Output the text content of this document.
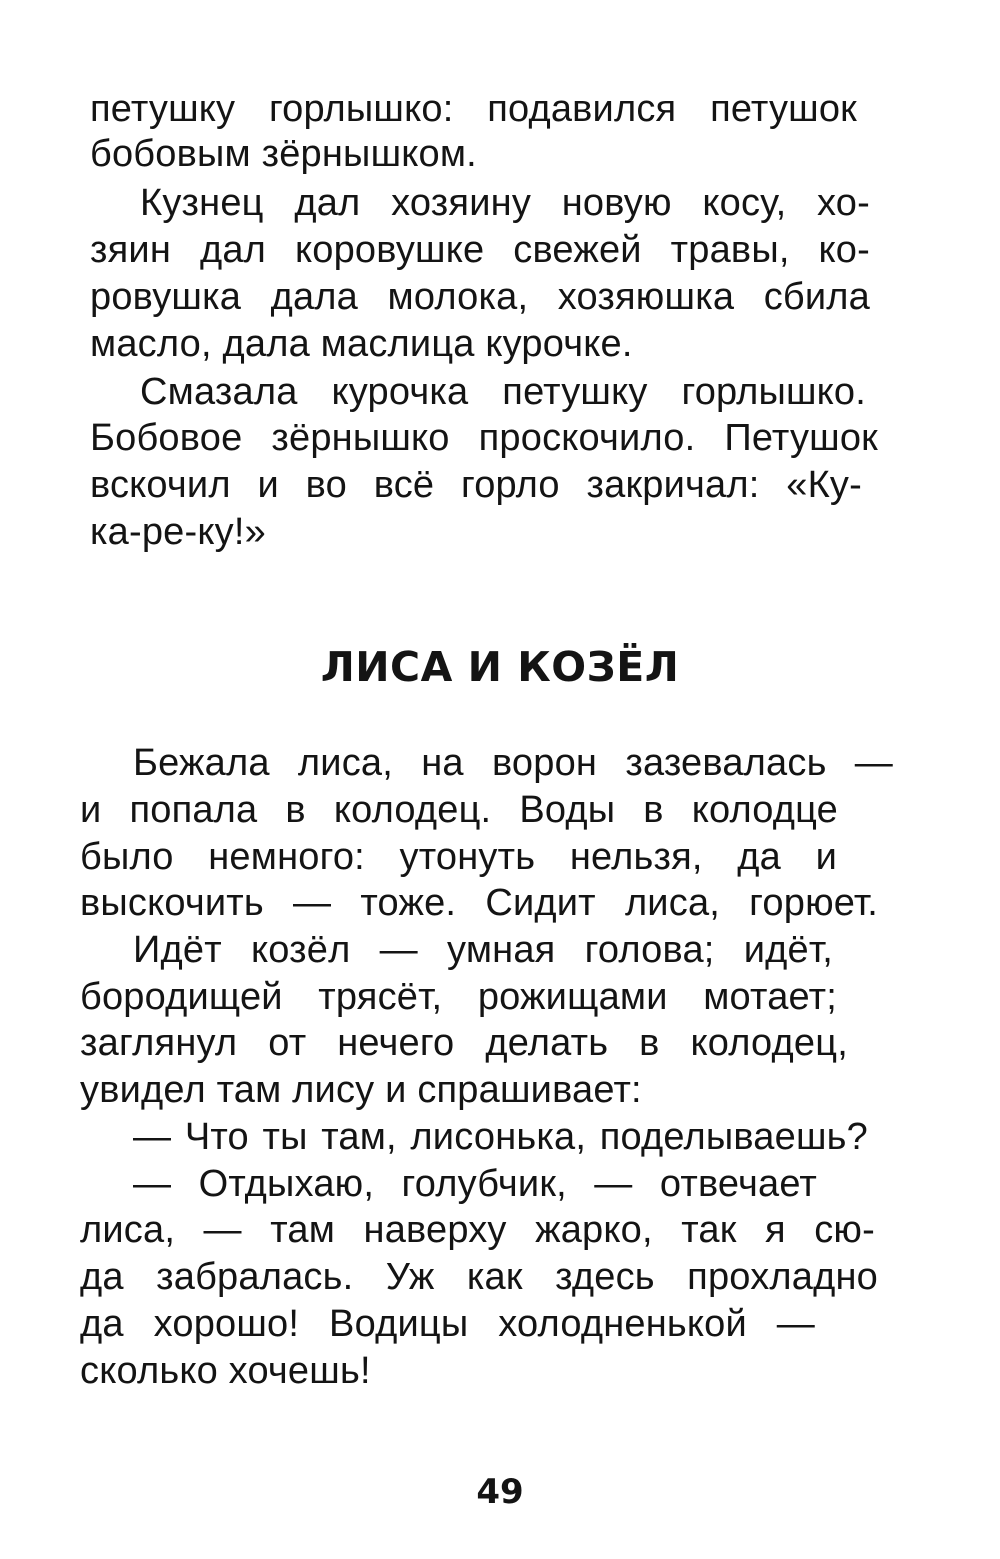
петушку горлышко: подавился петушок
бобовым зёрнышком.
Кузнец дал хозяину новую косу, хо-
зяин дал коровушке свежей травы, ко-
ровушка дала молока, хозяюшка сбила
масло, дала маслица курочке.
Смазала курочка петушку горлышко.
Бобовое зёрнышко проскочило. Петушок
вскочил и во всё горло закричал: «Ку-
ка-ре-ку!»
ЛИСА И КОЗЁЛ
Бежала лиса, на ворон зазевалась —
и попала в колодец. Воды в колодце
было немного: утонуть нельзя, да и
выскочить — тоже. Сидит лиса, горюет.
Идёт козёл — умная голова; идёт,
бородищей трясёт, рожищами мотает;
заглянул от нечего делать в колодец,
увидел там лису и спрашивает:
— Что ты там, лисонька, поделываешь?
— Отдыхаю, голубчик, — отвечает
лиса, — там наверху жарко, так я сю-
да забралась. Уж как здесь прохладно
да хорошо! Водицы холодненькой —
сколько хочешь!
49
